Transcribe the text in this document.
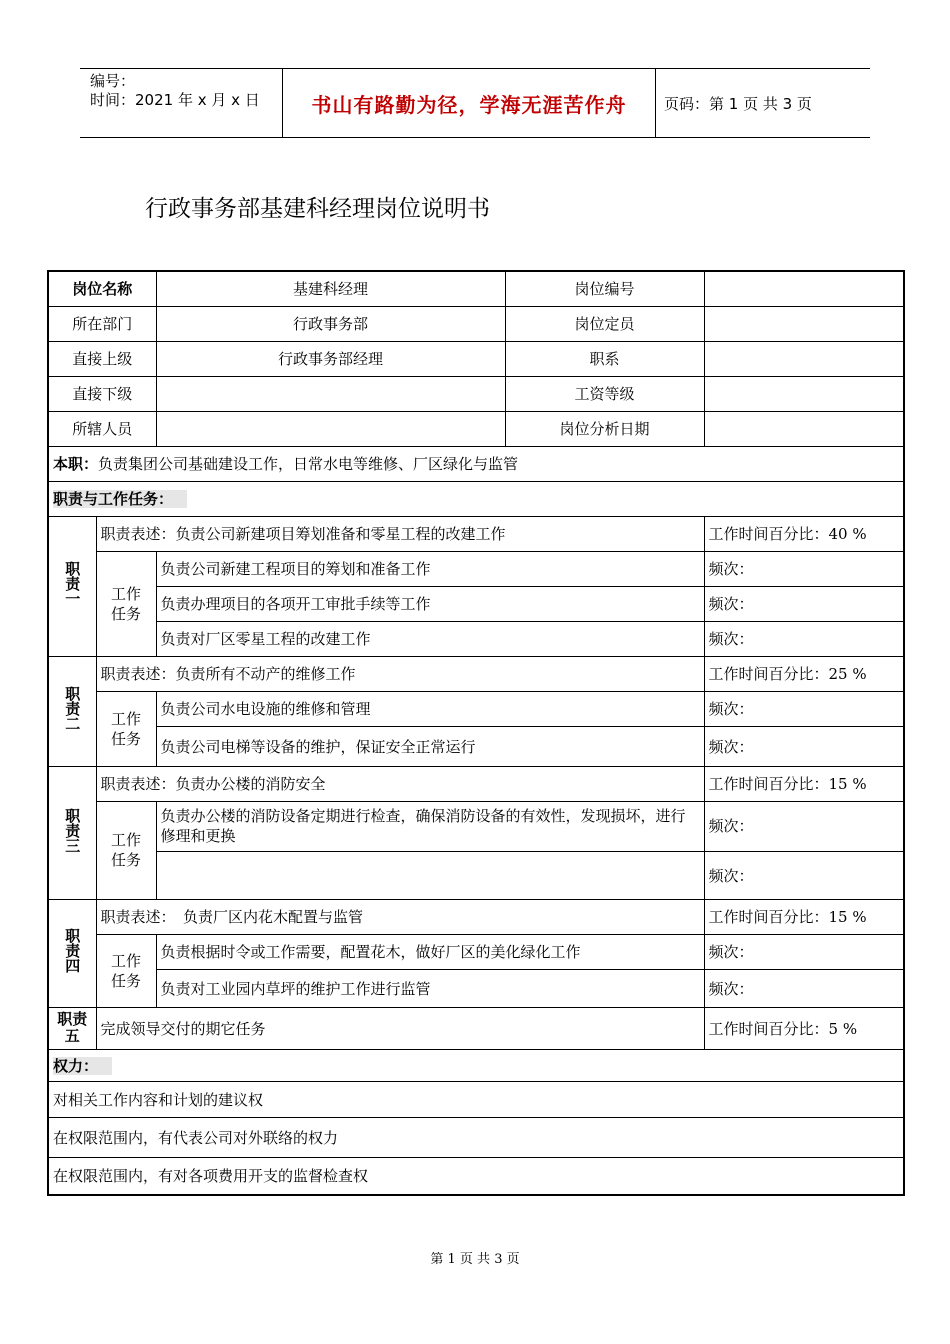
编号：
时间：2021 年 x 月 x 日	书山有路勤为径，学海无涯苦作舟	页码：第 1 页 共 3 页
行政事务部基建科经理岗位说明书
岗位名称		基建科经理	岗位编号	
所在部门		行政事务部	岗位定员	
直接上级		行政事务部经理	职系	
直接下级			工资等级	
所辖人员			岗位分析日期	
本职：负责集团公司基础建设工作，日常水电等维修、厂区绿化与监管				
职责与工作任务：				
职责一	职责表述：负责公司新建项目筹划准备和零星工程的改建工作			工作时间百分比：40 %
	工作任务	负责公司新建工程项目的筹划和准备工作		频次：
		负责办理项目的各项开工审批手续等工作		频次：
		负责对厂区零星工程的改建工作		频次：
职责二	职责表述：负责所有不动产的维修工作			工作时间百分比：25 %
	工作任务	负责公司水电设施的维修和管理		频次：
		负责公司电梯等设备的维护，保证安全正常运行		频次：
职责三	职责表述：负责办公楼的消防安全			工作时间百分比：15 %
	工作任务	负责办公楼的消防设备定期进行检查，确保消防设备的有效性，发现损坏，进行修理和更换		频次：
				频次：
职责四	职责表述：　负责厂区内花木配置与监管			工作时间百分比：15 %
	工作任务	负责根据时令或工作需要，配置花木，做好厂区的美化绿化工作		频次：
		负责对工业园内草坪的维护工作进行监管		频次：
职责五	完成领导交付的期它任务			工作时间百分比：5 %
权力：				
对相关工作内容和计划的建议权				
在权限范围内，有代表公司对外联络的权力				
在权限范围内，有对各项费用开支的监督检查权				
第 1 页 共 3 页
